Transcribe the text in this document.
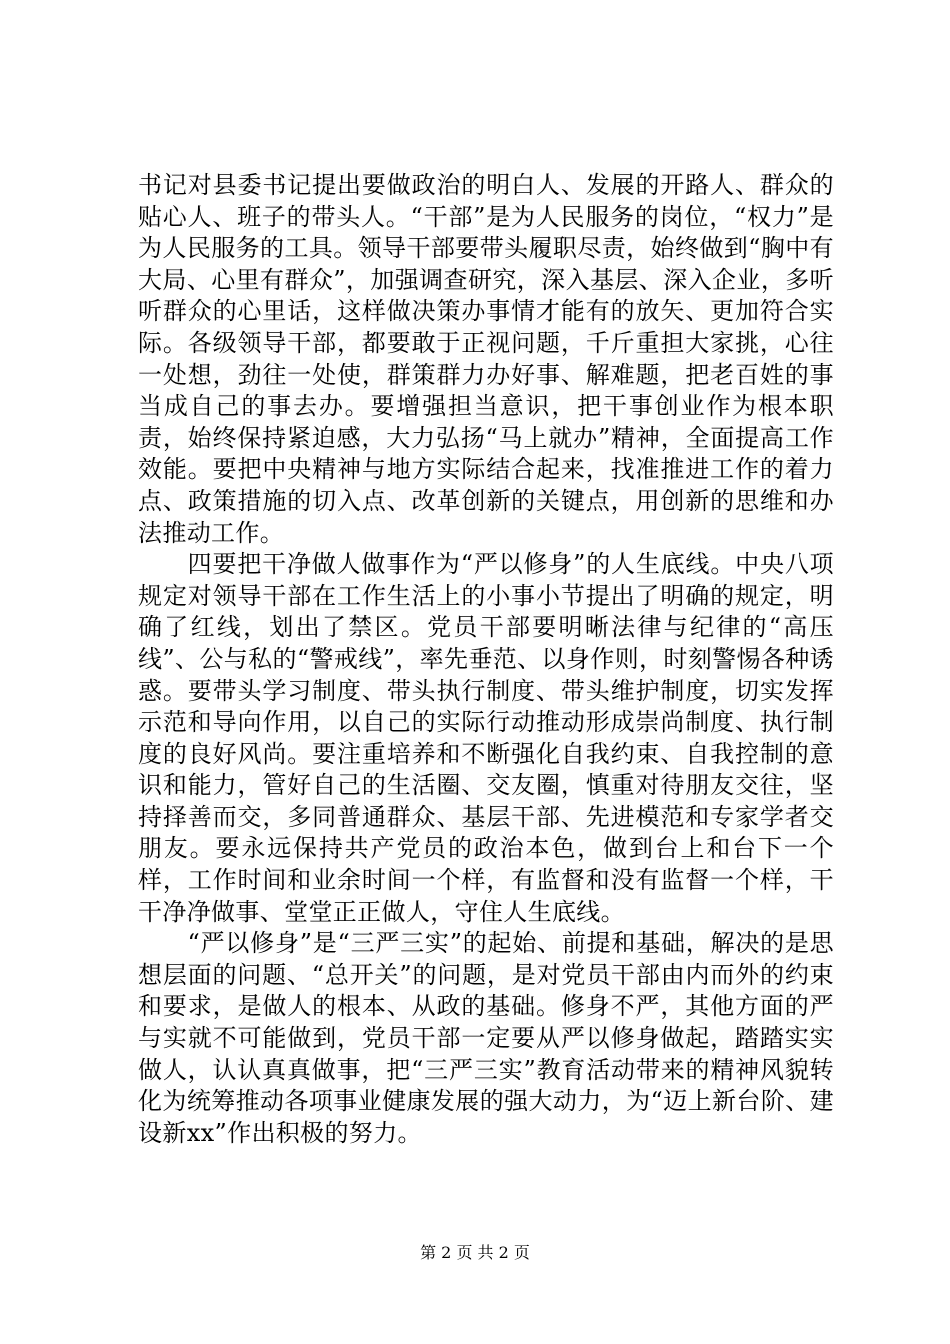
书记对县委书记提出要做政治的明白人、发展的开路人、群众的贴心人、班子的带头人。“干部”是为人民服务的岗位，“权力”是为人民服务的工具。领导干部要带头履职尽责，始终做到“胸中有大局、心里有群众”，加强调查研究，深入基层、深入企业，多听听群众的心里话，这样做决策办事情才能有的放矢、更加符合实际。各级领导干部，都要敢于正视问题，千斤重担大家挑，心往一处想，劲往一处使，群策群力办好事、解难题，把老百姓的事当成自己的事去办。要增强担当意识，把干事创业作为根本职责，始终保持紧迫感，大力弘扬“马上就办”精神，全面提高工作效能。要把中央精神与地方实际结合起来，找准推进工作的着力点、政策措施的切入点、改革创新的关键点，用创新的思维和办法推动工作。

　　四要把干净做人做事作为“严以修身”的人生底线。中央八项规定对领导干部在工作生活上的小事小节提出了明确的规定，明确了红线，划出了禁区。党员干部要明晰法律与纪律的“高压线”、公与私的“警戒线”，率先垂范、以身作则，时刻警惕各种诱惑。要带头学习制度、带头执行制度、带头维护制度，切实发挥示范和导向作用，以自己的实际行动推动形成崇尚制度、执行制度的良好风尚。要注重培养和不断强化自我约束、自我控制的意识和能力，管好自己的生活圈、交友圈，慎重对待朋友交往，坚持择善而交，多同普通群众、基层干部、先进模范和专家学者交朋友。要永远保持共产党员的政治本色，做到台上和台下一个样，工作时间和业余时间一个样，有监督和没有监督一个样，干干净净做事、堂堂正正做人，守住人生底线。

　　“严以修身”是“三严三实”的起始、前提和基础，解决的是思想层面的问题、“总开关”的问题，是对党员干部由内而外的约束和要求，是做人的根本、从政的基础。修身不严，其他方面的严与实就不可能做到，党员干部一定要从严以修身做起，踏踏实实做人，认认真真做事，把“三严三实”教育活动带来的精神风貌转化为统筹推动各项事业健康发展的强大动力，为“迈上新台阶、建设新xx”作出积极的努力。

第 2 页 共 2 页
